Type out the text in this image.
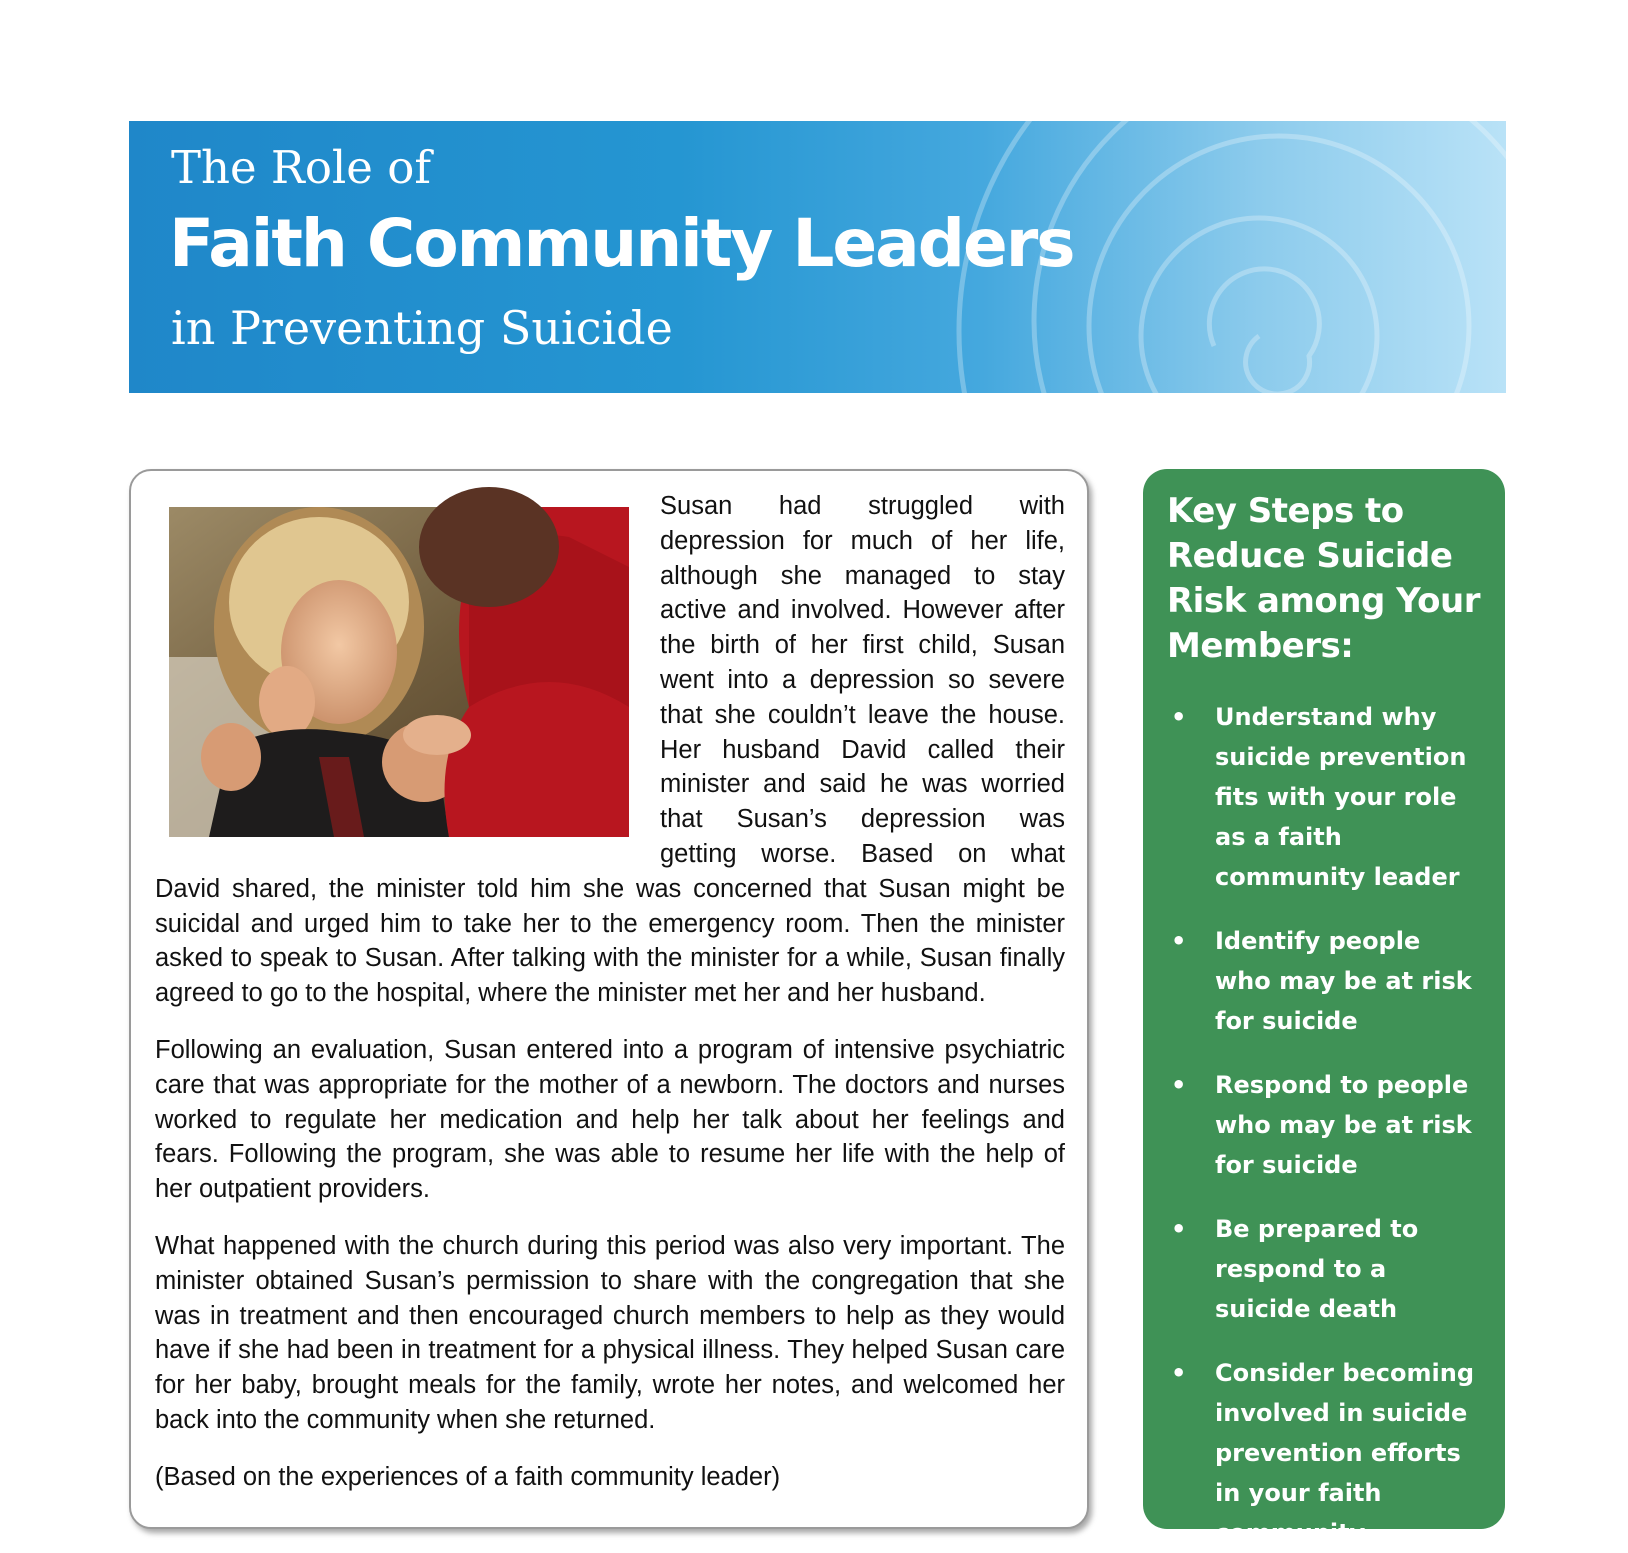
The Role of
Faith Community Leaders
in Preventing Suicide

Susan had struggled with depression for much of her life, although she managed to stay active and involved. However after the birth of her first child, Susan went into a depression so severe that she couldn’t leave the house. Her husband David called their minister and said he was worried that Susan’s depression was getting worse. Based on what David shared, the minister told him she was concerned that Susan might be suicidal and urged him to take her to the emergency room. Then the minister asked to speak to Susan. After talking with the minister for a while, Susan finally agreed to go to the hospital, where the minister met her and her husband.

Following an evaluation, Susan entered into a program of intensive psychiatric care that was appropriate for the mother of a newborn. The doctors and nurses worked to regulate her medication and help her talk about her feelings and fears. Following the program, she was able to resume her life with the help of her outpatient providers.

What happened with the church during this period was also very important. The minister obtained Susan’s permission to share with the congregation that she was in treatment and then encouraged church members to help as they would have if she had been in treatment for a physical illness. They helped Susan care for her baby, brought meals for the family, wrote her notes, and welcomed her back into the community when she returned.

(Based on the experiences of a faith community leader)

Key Steps to Reduce Suicide Risk among Your Members:
• Understand why suicide prevention fits with your role as a faith community leader
• Identify people who may be at risk for suicide
• Respond to people who may be at risk for suicide
• Be prepared to respond to a suicide death
• Consider becoming involved in suicide prevention efforts in your faith community
